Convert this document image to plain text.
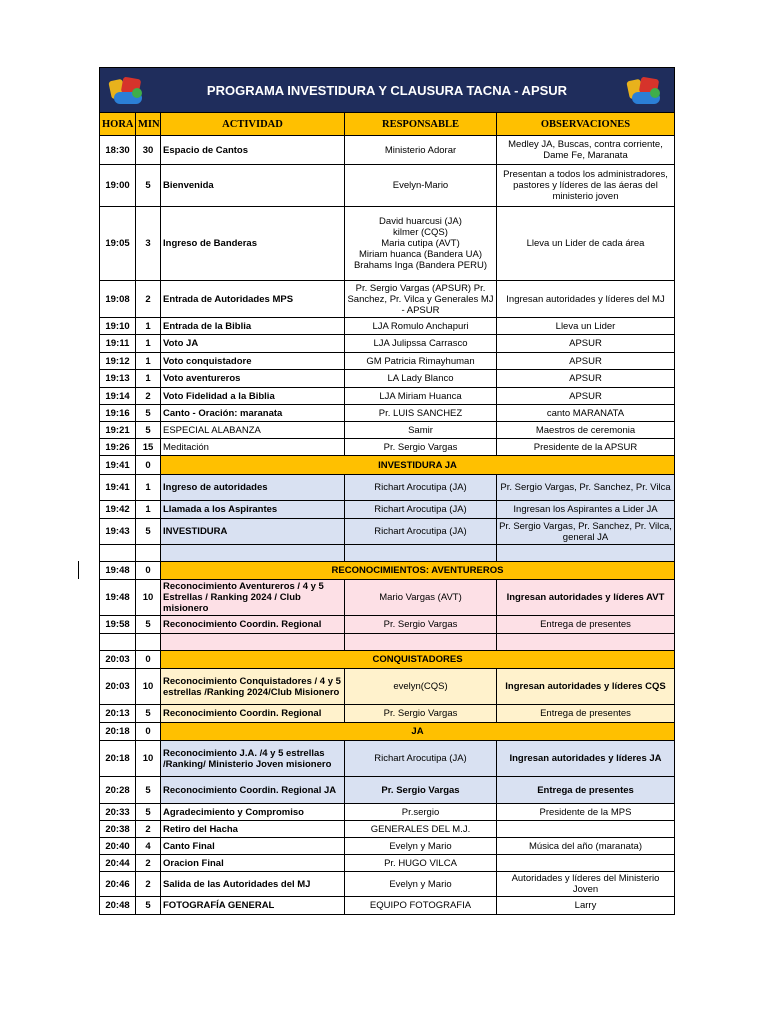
PROGRAMA INVESTIDURA Y CLAUSURA TACNA - APSUR				

HORA	MIN	ACTIVIDAD	RESPONSABLE	OBSERVACIONES
18:30	30	Espacio de Cantos	Ministerio Adorar	Medley JA, Buscas, contra corriente, Dame Fe, Maranata
19:00	5	Bienvenida	Evelyn-Mario	Presentan a todos los administradores, pastores y líderes de las áeras del ministerio joven
19:05	3	Ingreso de Banderas	David huarcusi (JA)
kilmer (CQS)
Maria cutipa (AVT)
Miriam huanca (Bandera UA)
Brahams Inga (Bandera PERU)	Lleva un Lider de cada área
19:08	2	Entrada de Autoridades MPS	Pr. Sergio Vargas (APSUR) Pr. Sanchez, Pr. Vilca y Generales MJ - APSUR	Ingresan autoridades y líderes del MJ
19:10	1	Entrada de la Biblia	LJA Romulo Anchapuri	Lleva un Lider
19:11	1	Voto JA	LJA Julipssa Carrasco	APSUR
19:12	1	Voto conquistadore	GM Patricia Rimayhuman	APSUR
19:13	1	Voto aventureros	LA Lady Blanco	APSUR
19:14	2	Voto Fidelidad a la Biblia	LJA Miriam Huanca	APSUR
19:16	5	Canto - Oración: maranata	Pr. LUIS SANCHEZ	canto MARANATA
19:21	5	ESPECIAL ALABANZA	Samir	Maestros de ceremonia
19:26	15	Meditación	Pr. Sergio Vargas	Presidente de la APSUR
19:41	0	INVESTIDURA JA		
19:41	1	Ingreso de autoridades	Richart Arocutipa (JA)	Pr. Sergio Vargas, Pr. Sanchez, Pr. Vilca
19:42	1	Llamada a los Aspirantes	Richart Arocutipa (JA)	Ingresan los Aspirantes a Lider JA
19:43	5	INVESTIDURA	Richart Arocutipa (JA)	Pr. Sergio Vargas, Pr. Sanchez, Pr. Vilca, general JA

19:48	0	RECONOCIMIENTOS: AVENTUREROS		
19:48	10	Reconocimiento Aventureros / 4 y 5 Estrellas / Ranking 2024 / Club misionero	Mario Vargas (AVT)	Ingresan autoridades y líderes AVT
19:58	5	Reconocimiento Coordin. Regional	Pr. Sergio Vargas	Entrega de presentes

20:03	0	CONQUISTADORES		
20:03	10	Reconocimiento Conquistadores / 4 y 5 estrellas /Ranking 2024/Club Misionero	evelyn(CQS)	Ingresan autoridades y líderes CQS
20:13	5	Reconocimiento Coordin. Regional	Pr. Sergio Vargas	Entrega de presentes
20:18	0	JA		
20:18	10	Reconocimiento J.A. /4 y 5 estrellas /Ranking/ Ministerio Joven misionero	Richart Arocutipa (JA)	Ingresan autoridades y líderes JA
20:28	5	Reconocimiento Coordin. Regional JA	Pr. Sergio Vargas	Entrega de presentes
20:33	5	Agradecimiento y Compromiso	Pr.sergio	Presidente de la MPS
20:38	2	Retiro del Hacha	GENERALES DEL M.J.	
20:40	4	Canto Final	Evelyn y Mario	Música del año (maranata)
20:44	2	Oracion Final	Pr. HUGO VILCA	
20:46	2	Salida de las Autoridades del MJ	Evelyn y Mario	Autoridades y líderes del Ministerio Joven
20:48	5	FOTOGRAFÍA GENERAL	EQUIPO FOTOGRAFIA	Larry
